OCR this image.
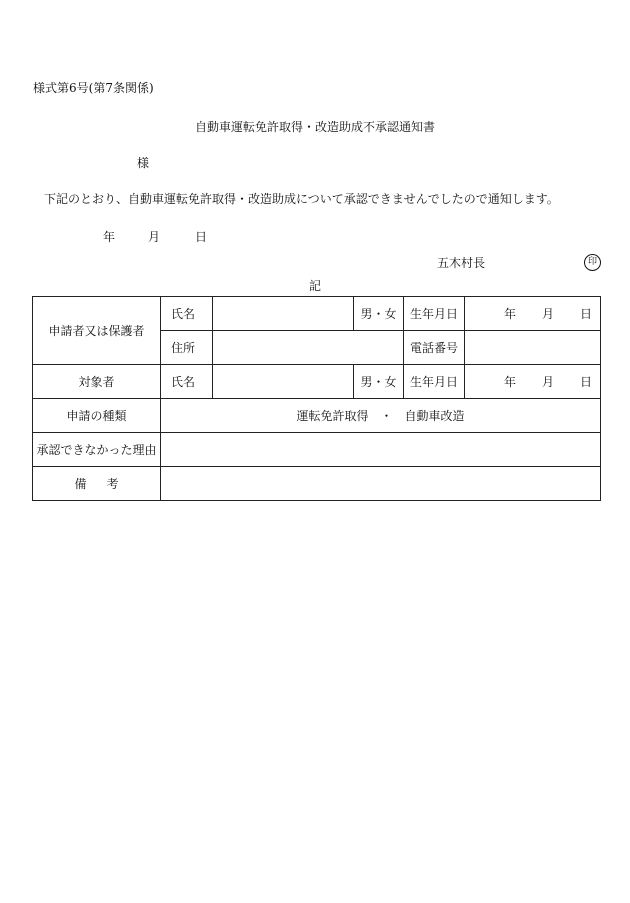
様式第6号(第7条関係)
自動車運転免許取得・改造助成不承認通知書
様
下記のとおり、自動車運転免許取得・改造助成について承認できませんでしたので通知します。
年	月	日
五木村長	印
記
申請者又は保護者	氏名		男・女	生年月日	年 月 日
	住所			電話番号	
対象者	氏名		男・女	生年月日	年 月 日
申請の種類	運転免許取得　・　自動車改造				
承認できなかった理由					
備考					
